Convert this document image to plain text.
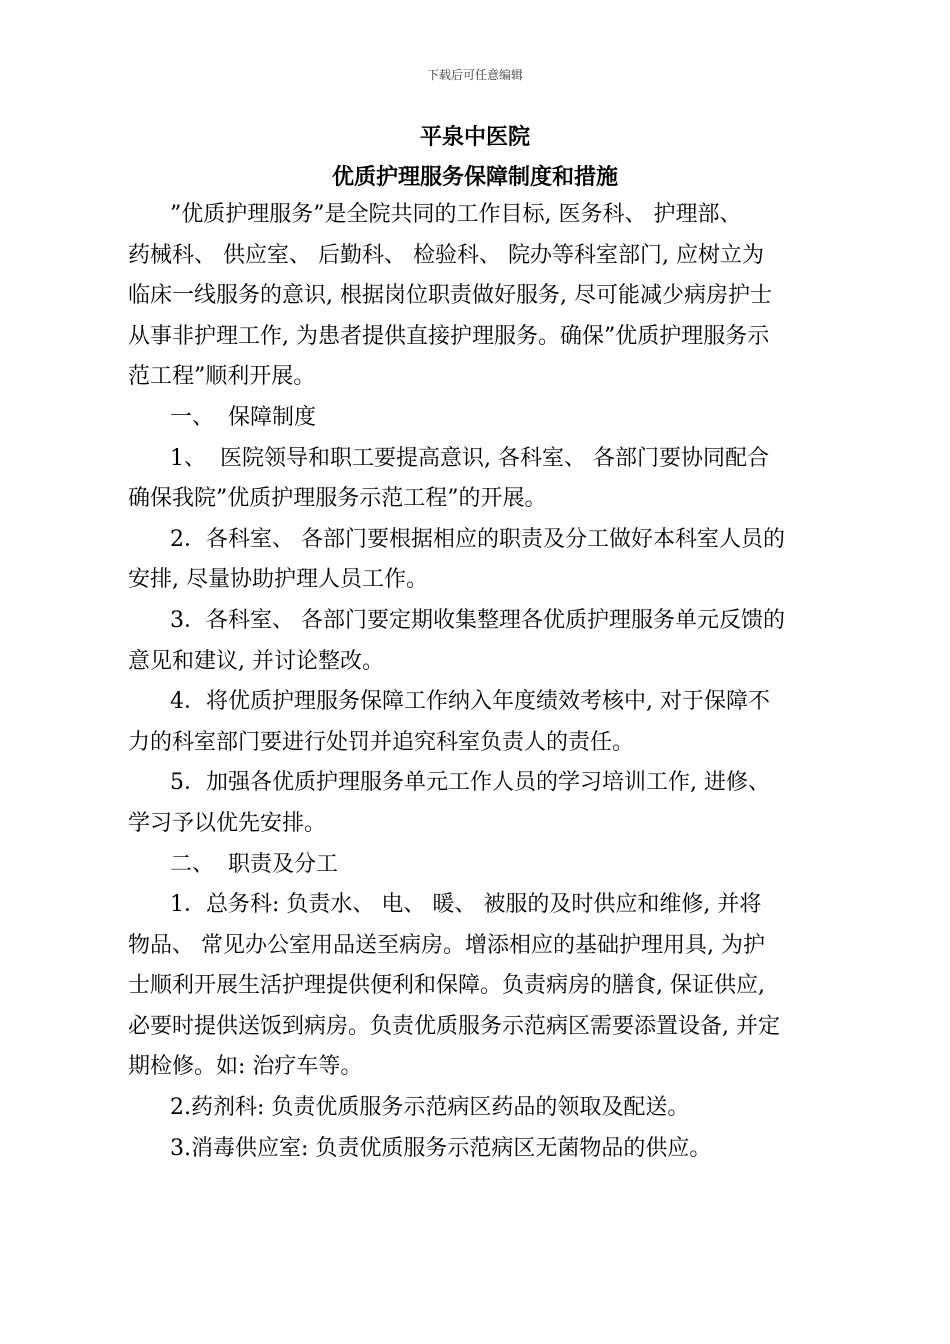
下载后可任意编辑
平泉中医院
优质护理服务保障制度和措施
”优质护理服务”是全院共同的工作目标, 医务科、 护理部、
药械科、 供应室、 后勤科、 检验科、 院办等科室部门, 应树立为
临床一线服务的意识, 根据岗位职责做好服务, 尽可能减少病房护士
从事非护理工作, 为患者提供直接护理服务。确保”优质护理服务示
范工程”顺利开展。
一、  保障制度
1、  医院领导和职工要提高意识, 各科室、 各部门要协同配合
确保我院”优质护理服务示范工程”的开展。
2．各科室、 各部门要根据相应的职责及分工做好本科室人员的
安排, 尽量协助护理人员工作。
3．各科室、 各部门要定期收集整理各优质护理服务单元反馈的
意见和建议, 并讨论整改。
4．将优质护理服务保障工作纳入年度绩效考核中, 对于保障不
力的科室部门要进行处罚并追究科室负责人的责任。
5．加强各优质护理服务单元工作人员的学习培训工作, 进修、
学习予以优先安排。
二、  职责及分工
1．总务科: 负责水、 电、 暖、 被服的及时供应和维修, 并将
物品、 常见办公室用品送至病房。增添相应的基础护理用具, 为护
士顺利开展生活护理提供便利和保障。负责病房的膳食, 保证供应,
必要时提供送饭到病房。负责优质服务示范病区需要添置设备, 并定
期检修。如: 治疗车等。
2.药剂科: 负责优质服务示范病区药品的领取及配送。
3.消毒供应室: 负责优质服务示范病区无菌物品的供应。
